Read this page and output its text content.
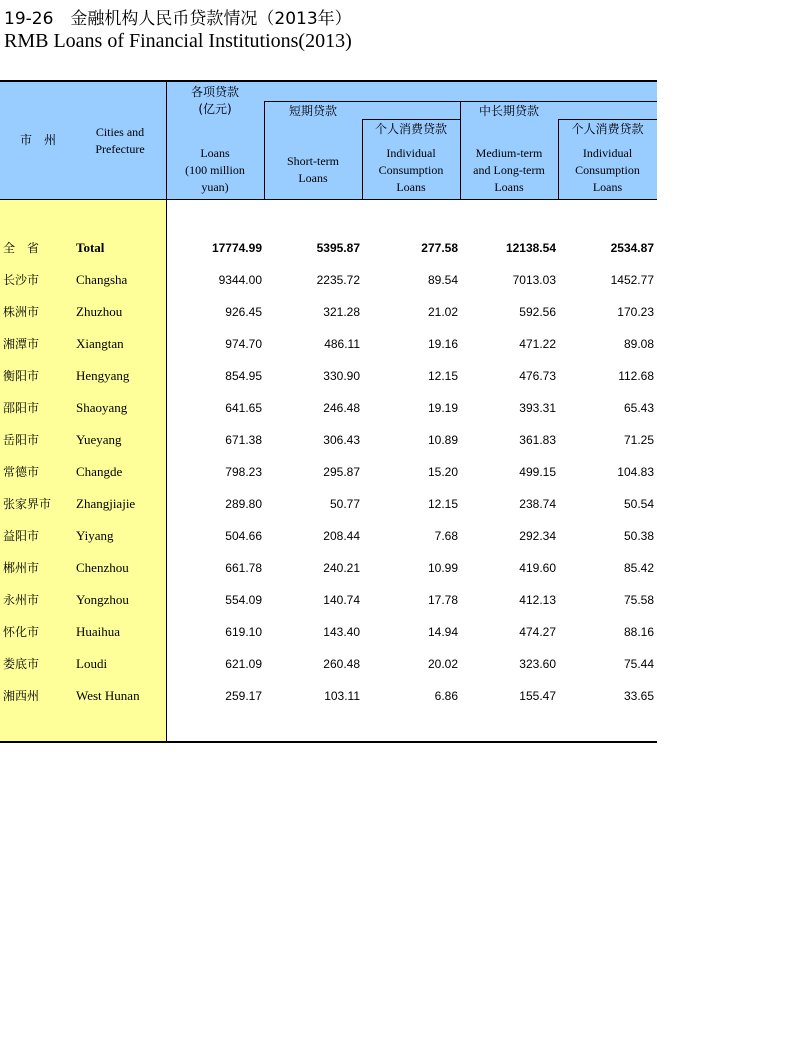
19-26　金融机构人民币贷款情况（2013年）
RMB Loans of Financial Institutions(2013)
市　州
Cities and
Prefecture
各项贷款
(亿元)
Loans
(100 million
yuan)
短期贷款
Short-term
Loans
个人消费贷款
Individual
Consumption
Loans
中长期贷款
Medium-term
and Long-term
Loans
个人消费贷款
Individual
Consumption
Loans
全　省	Total	17774.99	5395.87	277.58	12138.54	2534.87
长沙市	Changsha	9344.00	2235.72	89.54	7013.03	1452.77
株洲市	Zhuzhou	926.45	321.28	21.02	592.56	170.23
湘潭市	Xiangtan	974.70	486.11	19.16	471.22	89.08
衡阳市	Hengyang	854.95	330.90	12.15	476.73	112.68
邵阳市	Shaoyang	641.65	246.48	19.19	393.31	65.43
岳阳市	Yueyang	671.38	306.43	10.89	361.83	71.25
常德市	Changde	798.23	295.87	15.20	499.15	104.83
张家界市 Zhangjiajie	289.80	50.77	12.15	238.74	50.54
益阳市	Yiyang	504.66	208.44	7.68	292.34	50.38
郴州市	Chenzhou	661.78	240.21	10.99	419.60	85.42
永州市	Yongzhou	554.09	140.74	17.78	412.13	75.58
怀化市	Huaihua	619.10	143.40	14.94	474.27	88.16
娄底市	Loudi	621.09	260.48	20.02	323.60	75.44
湘西州	West Hunan	259.17	103.11	6.86	155.47	33.65
